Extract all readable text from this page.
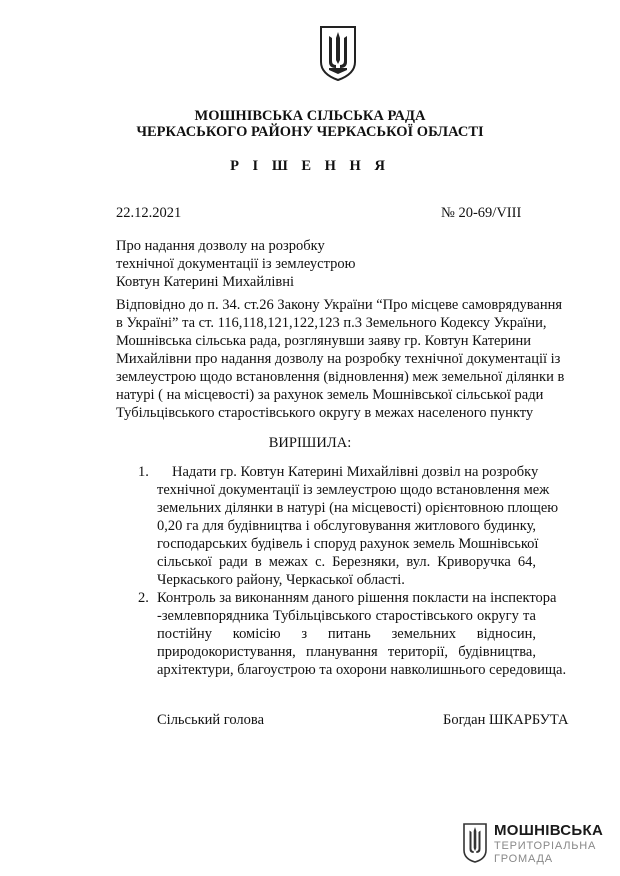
МОШНІВСЬКА СІЛЬСЬКА РАДА
ЧЕРКАСЬКОГО РАЙОНУ ЧЕРКАСЬКОЇ ОБЛАСТІ
Р І Ш Е Н Н Я
22.12.2021	№ 20-69/VIII
Про надання дозволу на розробку
технічної документації із землеустрою
Ковтун Катерині Михайлівні
Відповідно до п. 34. ст.26 Закону України “Про місцеве самоврядування
в Україні” та ст. 116,118,121,122,123 п.3 Земельного Кодексу України,
Мошнівська сільська рада, розглянувши заяву гр. Ковтун Катерини
Михайлівни про надання дозволу на розробку технічної документації із
землеустрою щодо встановлення (відновлення) меж земельної ділянки в
натурі ( на місцевості) за рахунок земель Мошнівської сільської ради
Тубільцівського старостівського округу в межах населеного пункту
ВИРІШИЛА:
1. Надати гр. Ковтун Катерині Михайлівні дозвіл на розробку
технічної документації із землеустрою щодо встановлення меж
земельних ділянки в натурі (на місцевості) орієнтовною площею
0,20 га для будівництва і обслуговування житлового будинку,
господарських будівель і споруд рахунок земель Мошнівської
сільської ради в межах с. Березняки, вул. Криворучка 64,
Черкаського району, Черкаської області.
2. Контроль за виконанням даного рішення покласти на інспектора
-землевпорядника Тубільцівського старостівського округу та
постійну комісію з питань земельних відносин,
природокористування, планування території, будівництва,
архітектури, благоустрою та охорони навколишнього середовища.
Сільський голова	Богдан ШКАРБУТА
МОШНІВСЬКА
ТЕРИТОРІАЛЬНА
ГРОМАДА
